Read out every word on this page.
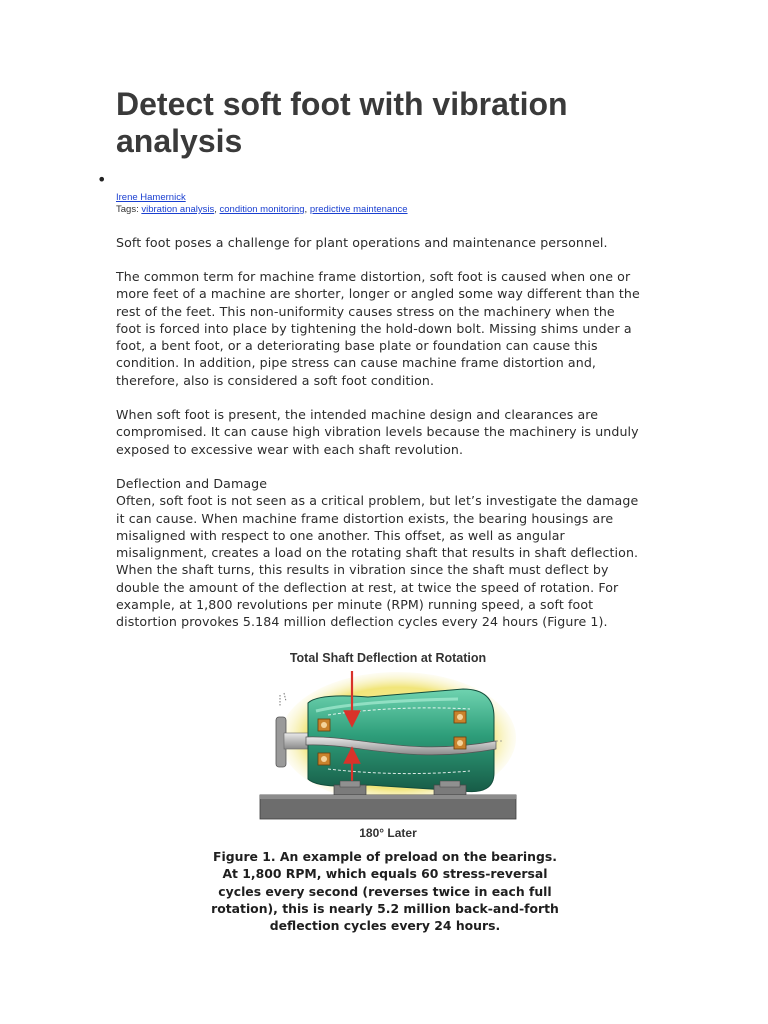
Detect soft foot with vibration analysis
•
Irene Hamernick
Tags: vibration analysis, condition monitoring, predictive maintenance
Soft foot poses a challenge for plant operations and maintenance personnel.
The common term for machine frame distortion, soft foot is caused when one or
more feet of a machine are shorter, longer or angled some way different than the
rest of the feet. This non-uniformity causes stress on the machinery when the
foot is forced into place by tightening the hold-down bolt. Missing shims under a
foot, a bent foot, or a deteriorating base plate or foundation can cause this
condition. In addition, pipe stress can cause machine frame distortion and,
therefore, also is considered a soft foot condition.
When soft foot is present, the intended machine design and clearances are
compromised. It can cause high vibration levels because the machinery is unduly
exposed to excessive wear with each shaft revolution.
Deflection and Damage
Often, soft foot is not seen as a critical problem, but let’s investigate the damage
it can cause. When machine frame distortion exists, the bearing housings are
misaligned with respect to one another. This offset, as well as angular
misalignment, creates a load on the rotating shaft that results in shaft deflection.
When the shaft turns, this results in vibration since the shaft must deflect by
double the amount of the deflection at rest, at twice the speed of rotation. For
example, at 1,800 revolutions per minute (RPM) running speed, a soft foot
distortion provokes 5.184 million deflection cycles every 24 hours (Figure 1).
Total Shaft Deflection at Rotation
180° Later
Figure 1. An example of preload on the bearings.
At 1,800 RPM, which equals 60 stress-reversal
cycles every second (reverses twice in each full
rotation), this is nearly 5.2 million back-and-forth
deflection cycles every 24 hours.
